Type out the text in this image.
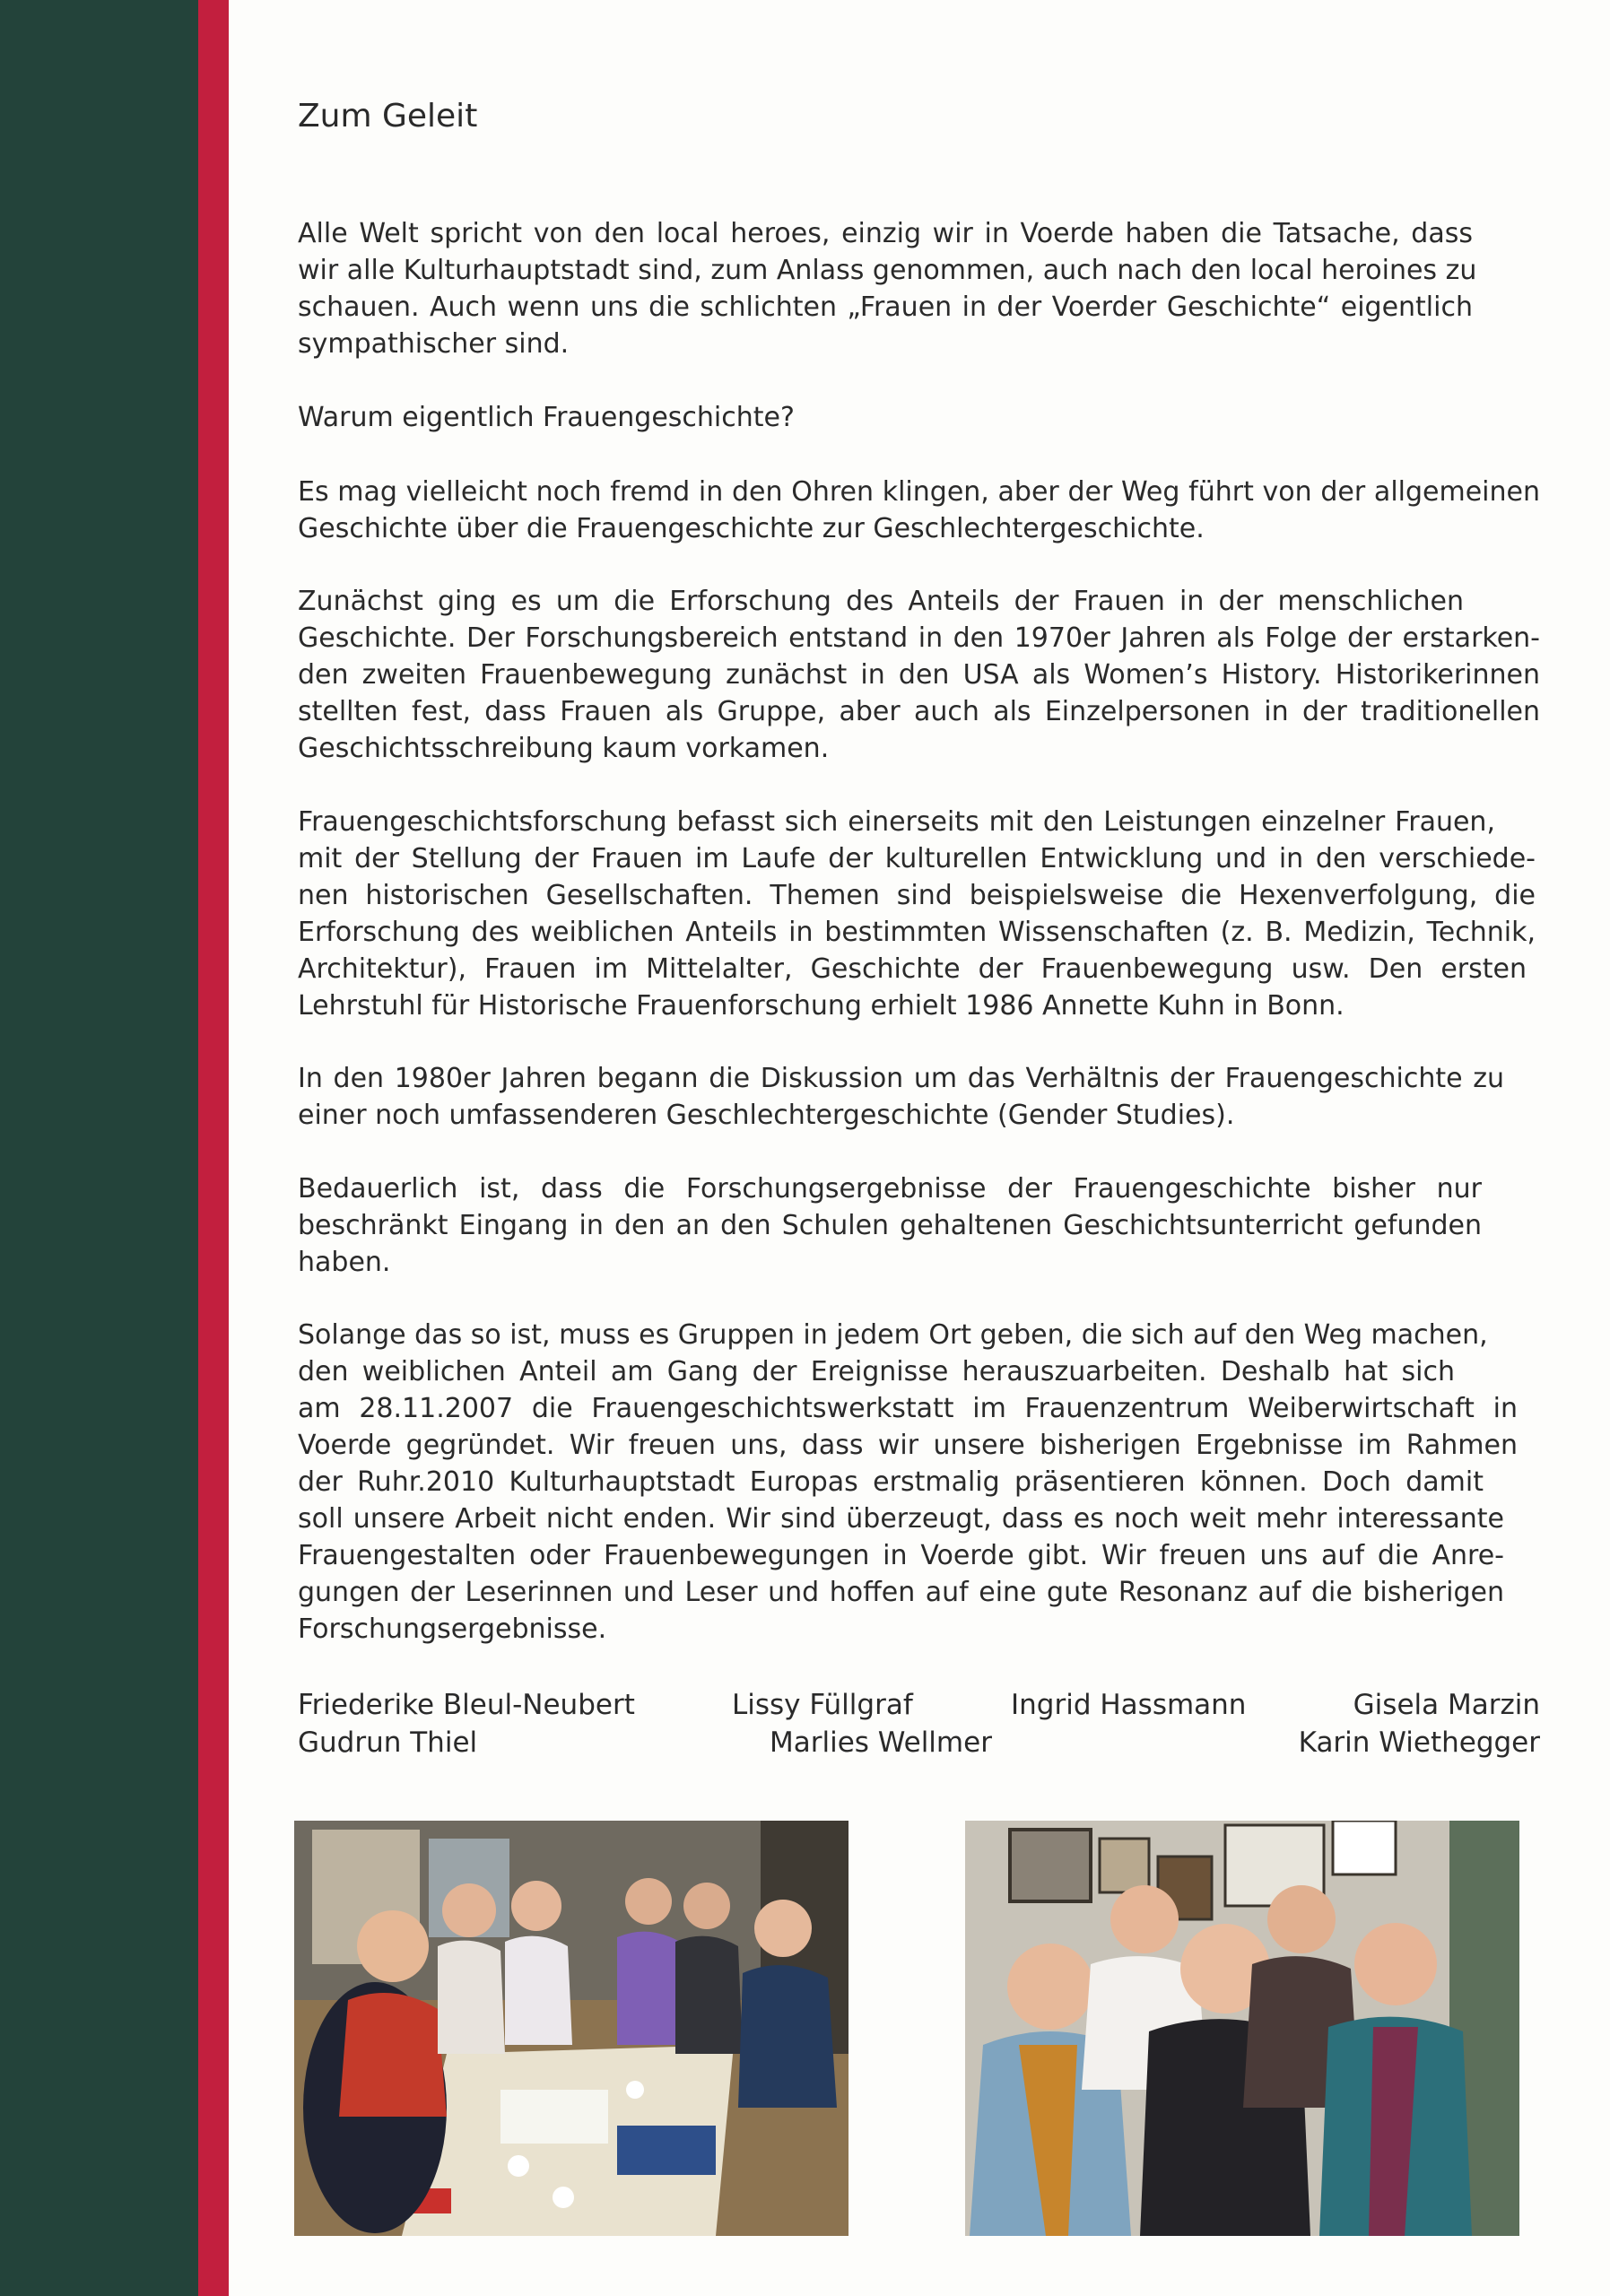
Zum Geleit

Alle Welt spricht von den local heroes, einzig wir in Voerde haben die Tatsache, dass
wir alle Kulturhauptstadt sind, zum Anlass genommen, auch nach den local heroines zu
schauen. Auch wenn uns die schlichten „Frauen in der Voerder Geschichte“ eigentlich
sympathischer sind.

Warum eigentlich Frauengeschichte?

Es mag vielleicht noch fremd in den Ohren klingen, aber der Weg führt von der allgemeinen
Geschichte über die Frauengeschichte zur Geschlechtergeschichte.

Zunächst ging es um die Erforschung des Anteils der Frauen in der menschlichen
Geschichte. Der Forschungsbereich entstand in den 1970er Jahren als Folge der erstarken-
den zweiten Frauenbewegung zunächst in den USA als Women’s History. Historikerinnen
stellten fest, dass Frauen als Gruppe, aber auch als Einzelpersonen in der traditionellen
Geschichtsschreibung kaum vorkamen.

Frauengeschichtsforschung befasst sich einerseits mit den Leistungen einzelner Frauen,
mit der Stellung der Frauen im Laufe der kulturellen Entwicklung und in den verschiede-
nen historischen Gesellschaften. Themen sind beispielsweise die Hexenverfolgung, die
Erforschung des weiblichen Anteils in bestimmten Wissenschaften (z. B. Medizin, Technik,
Architektur), Frauen im Mittelalter, Geschichte der Frauenbewegung usw. Den ersten
Lehrstuhl für Historische Frauenforschung erhielt 1986 Annette Kuhn in Bonn.

In den 1980er Jahren begann die Diskussion um das Verhältnis der Frauengeschichte zu
einer noch umfassenderen Geschlechtergeschichte (Gender Studies).

Bedauerlich ist, dass die Forschungsergebnisse der Frauengeschichte bisher nur
beschränkt Eingang in den an den Schulen gehaltenen Geschichtsunterricht gefunden
haben.

Solange das so ist, muss es Gruppen in jedem Ort geben, die sich auf den Weg machen,
den weiblichen Anteil am Gang der Ereignisse herauszuarbeiten. Deshalb hat sich
am 28.11.2007 die Frauengeschichtswerkstatt im Frauenzentrum Weiberwirtschaft in
Voerde gegründet. Wir freuen uns, dass wir unsere bisherigen Ergebnisse im Rahmen
der Ruhr.2010 Kulturhauptstadt Europas erstmalig präsentieren können. Doch damit
soll unsere Arbeit nicht enden. Wir sind überzeugt, dass es noch weit mehr interessante
Frauengestalten oder Frauenbewegungen in Voerde gibt. Wir freuen uns auf die Anre-
gungen der Leserinnen und Leser und hoffen auf eine gute Resonanz auf die bisherigen
Forschungsergebnisse.

Friederike Bleul-Neubert	Lissy Füllgraf	Ingrid Hassmann	Gisela Marzin
Gudrun Thiel	Marlies Wellmer	Karin Wiethegger
